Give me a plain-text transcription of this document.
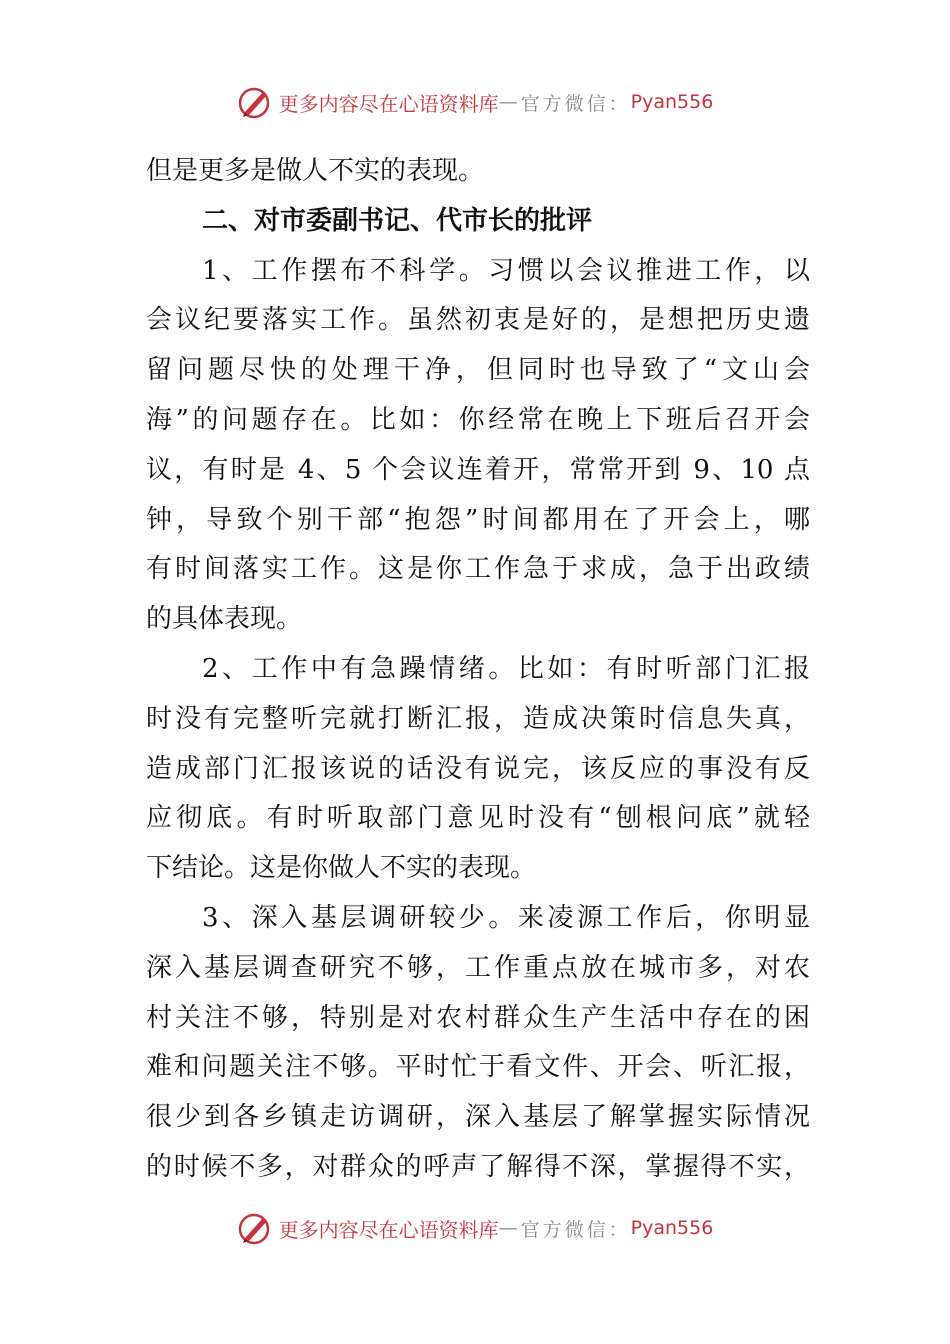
更多内容尽在心语资料库 — 官方微信： Pyan556
但是更多是做人不实的表现。
二、对市委副书记、代市长的批评
1、工作摆布不科学。习惯以会议推进工作，以
会议纪要落实工作。虽然初衷是好的，是想把历史遗
留问题尽快的处理干净，但同时也导致了“文山会
海”的问题存在。比如：你经常在晚上下班后召开会
议，有时是 4、5 个会议连着开，常常开到 9、10 点
钟，导致个别干部“抱怨”时间都用在了开会上，哪
有时间落实工作。这是你工作急于求成，急于出政绩
的具体表现。
2、工作中有急躁情绪。比如：有时听部门汇报
时没有完整听完就打断汇报，造成决策时信息失真，
造成部门汇报该说的话没有说完，该反应的事没有反
应彻底。有时听取部门意见时没有“刨根问底”就轻
下结论。这是你做人不实的表现。
3、深入基层调研较少。来凌源工作后，你明显
深入基层调查研究不够，工作重点放在城市多，对农
村关注不够，特别是对农村群众生产生活中存在的困
难和问题关注不够。平时忙于看文件、开会、听汇报，
很少到各乡镇走访调研，深入基层了解掌握实际情况
的时候不多，对群众的呼声了解得不深，掌握得不实，
更多内容尽在心语资料库 — 官方微信： Pyan556
